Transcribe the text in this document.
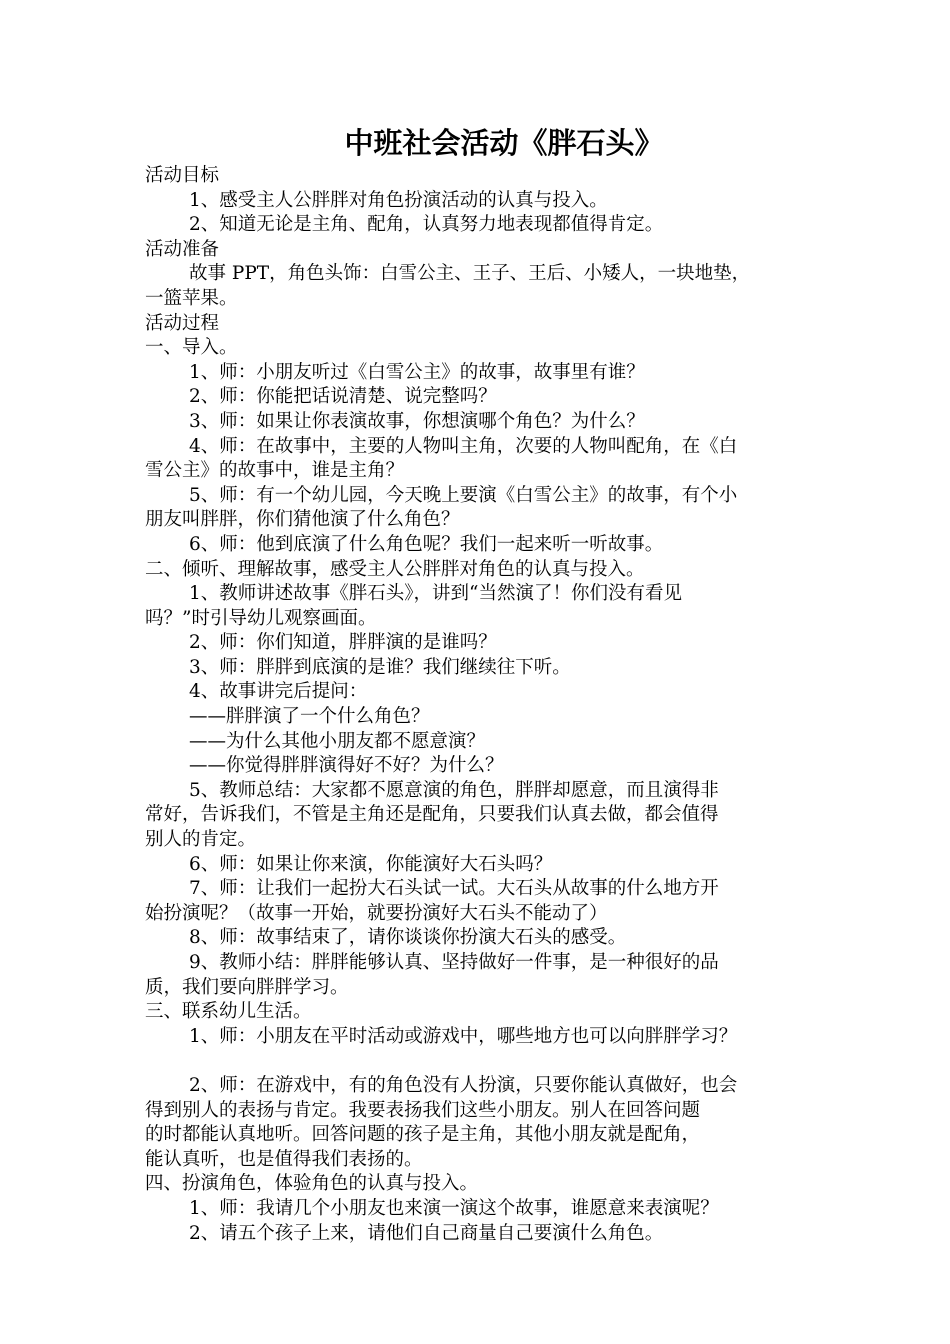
中班社会活动《胖石头》

活动目标

1、感受主人公胖胖对角色扮演活动的认真与投入。

2、知道无论是主角、配角，认真努力地表现都值得肯定。

活动准备

故事 PPT，角色头饰：白雪公主、王子、王后、小矮人，一块地垫，

一篮苹果。

活动过程

一、导入。

1、师：小朋友听过《白雪公主》的故事，故事里有谁？

2、师：你能把话说清楚、说完整吗？

3、师：如果让你表演故事，你想演哪个角色？为什么？

4、师：在故事中，主要的人物叫主角，次要的人物叫配角，在《白

雪公主》的故事中，谁是主角？

5、师：有一个幼儿园，今天晚上要演《白雪公主》的故事，有个小

朋友叫胖胖，你们猜他演了什么角色？

6、师：他到底演了什么角色呢？我们一起来听一听故事。

二、倾听、理解故事，感受主人公胖胖对角色的认真与投入。

1、教师讲述故事《胖石头》，讲到“当然演了！你们没有看见

吗？”时引导幼儿观察画面。

2、师：你们知道，胖胖演的是谁吗？

3、师：胖胖到底演的是谁？我们继续往下听。

4、故事讲完后提问：

——胖胖演了一个什么角色？

——为什么其他小朋友都不愿意演？

——你觉得胖胖演得好不好？为什么？

5、教师总结：大家都不愿意演的角色，胖胖却愿意，而且演得非

常好，告诉我们，不管是主角还是配角，只要我们认真去做，都会值得

别人的肯定。

6、师：如果让你来演，你能演好大石头吗？

7、师：让我们一起扮大石头试一试。大石头从故事的什么地方开

始扮演呢？（故事一开始，就要扮演好大石头不能动了）

8、师：故事结束了，请你谈谈你扮演大石头的感受。

9、教师小结：胖胖能够认真、坚持做好一件事，是一种很好的品

质，我们要向胖胖学习。

三、联系幼儿生活。

1、师：小朋友在平时活动或游戏中，哪些地方也可以向胖胖学习？

2、师：在游戏中，有的角色没有人扮演，只要你能认真做好，也会

得到别人的表扬与肯定。我要表扬我们这些小朋友。别人在回答问题

的时都能认真地听。回答问题的孩子是主角，其他小朋友就是配角，

能认真听，也是值得我们表扬的。

四、扮演角色，体验角色的认真与投入。

1、师：我请几个小朋友也来演一演这个故事，谁愿意来表演呢？

2、请五个孩子上来，请他们自己商量自己要演什么角色。
